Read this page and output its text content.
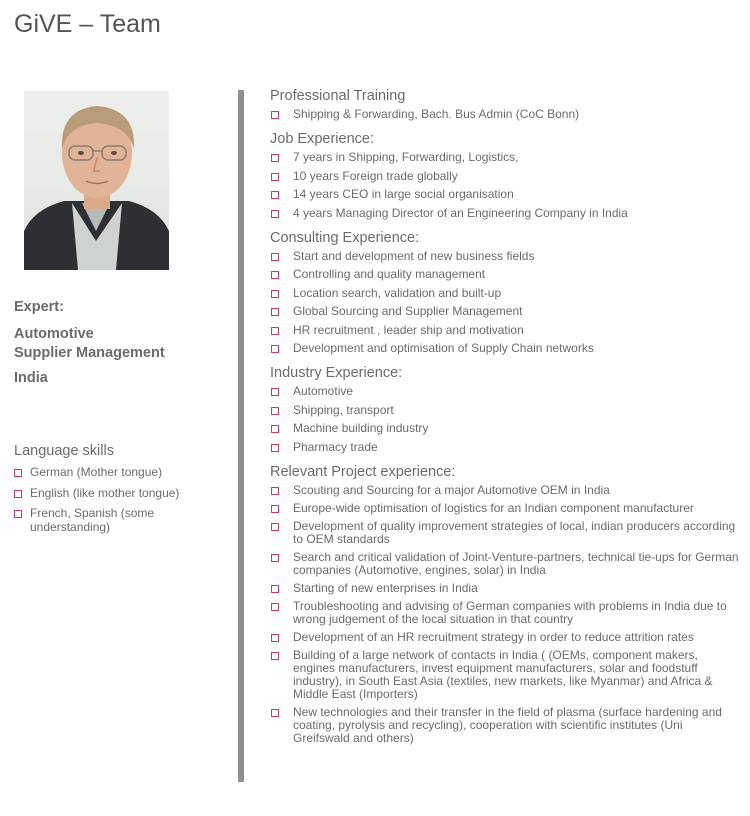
GiVE – Team

Expert:

Automotive
Supplier Management

India

Language skills
German (Mother tongue)
English (like mother tongue)
French, Spanish (some understanding)
Professional Training
Shipping & Forwarding, Bach. Bus Admin (CoC Bonn)
Job Experience:
7 years in Shipping, Forwarding, Logistics,
10 years Foreign trade globally
14 years CEO in large social organisation
4 years Managing Director of an Engineering Company in India
Consulting Experience:
Start and development of new business fields
Controlling and quality management
Location search, validation and built-up
Global Sourcing and Supplier Management
HR recruitment , leader ship and motivation
Development and optimisation of Supply Chain networks
Industry Experience:
Automotive
Shipping, transport
Machine building industry
Pharmacy trade
Relevant Project experience:
Scouting and Sourcing for a major Automotive OEM in India
Europe-wide optimisation of logistics for an Indian component manufacturer
Development of quality improvement strategies of local, indian producers according to OEM standards
Search and critical validation of Joint-Venture-partners, technical tie-ups for German companies (Automotive, engines, solar) in India
Starting of new enterprises in India
Troubleshooting and advising of German companies with problems in India due to wrong judgement of the local situation in that country
Development of an HR recruitment strategy in order to reduce attrition rates
Building of a large network of contacts in India ( (OEMs, component makers, engines manufacturers, invest equipment manufacturers, solar and foodstuff industry), in South East Asia (textiles, new markets, like Myanmar) and Africa & Middle East (Importers)
New technologies and their transfer in the field of plasma (surface hardening and coating, pyrolysis and recycling), cooperation with scientific institutes (Uni Greifswald and others)
